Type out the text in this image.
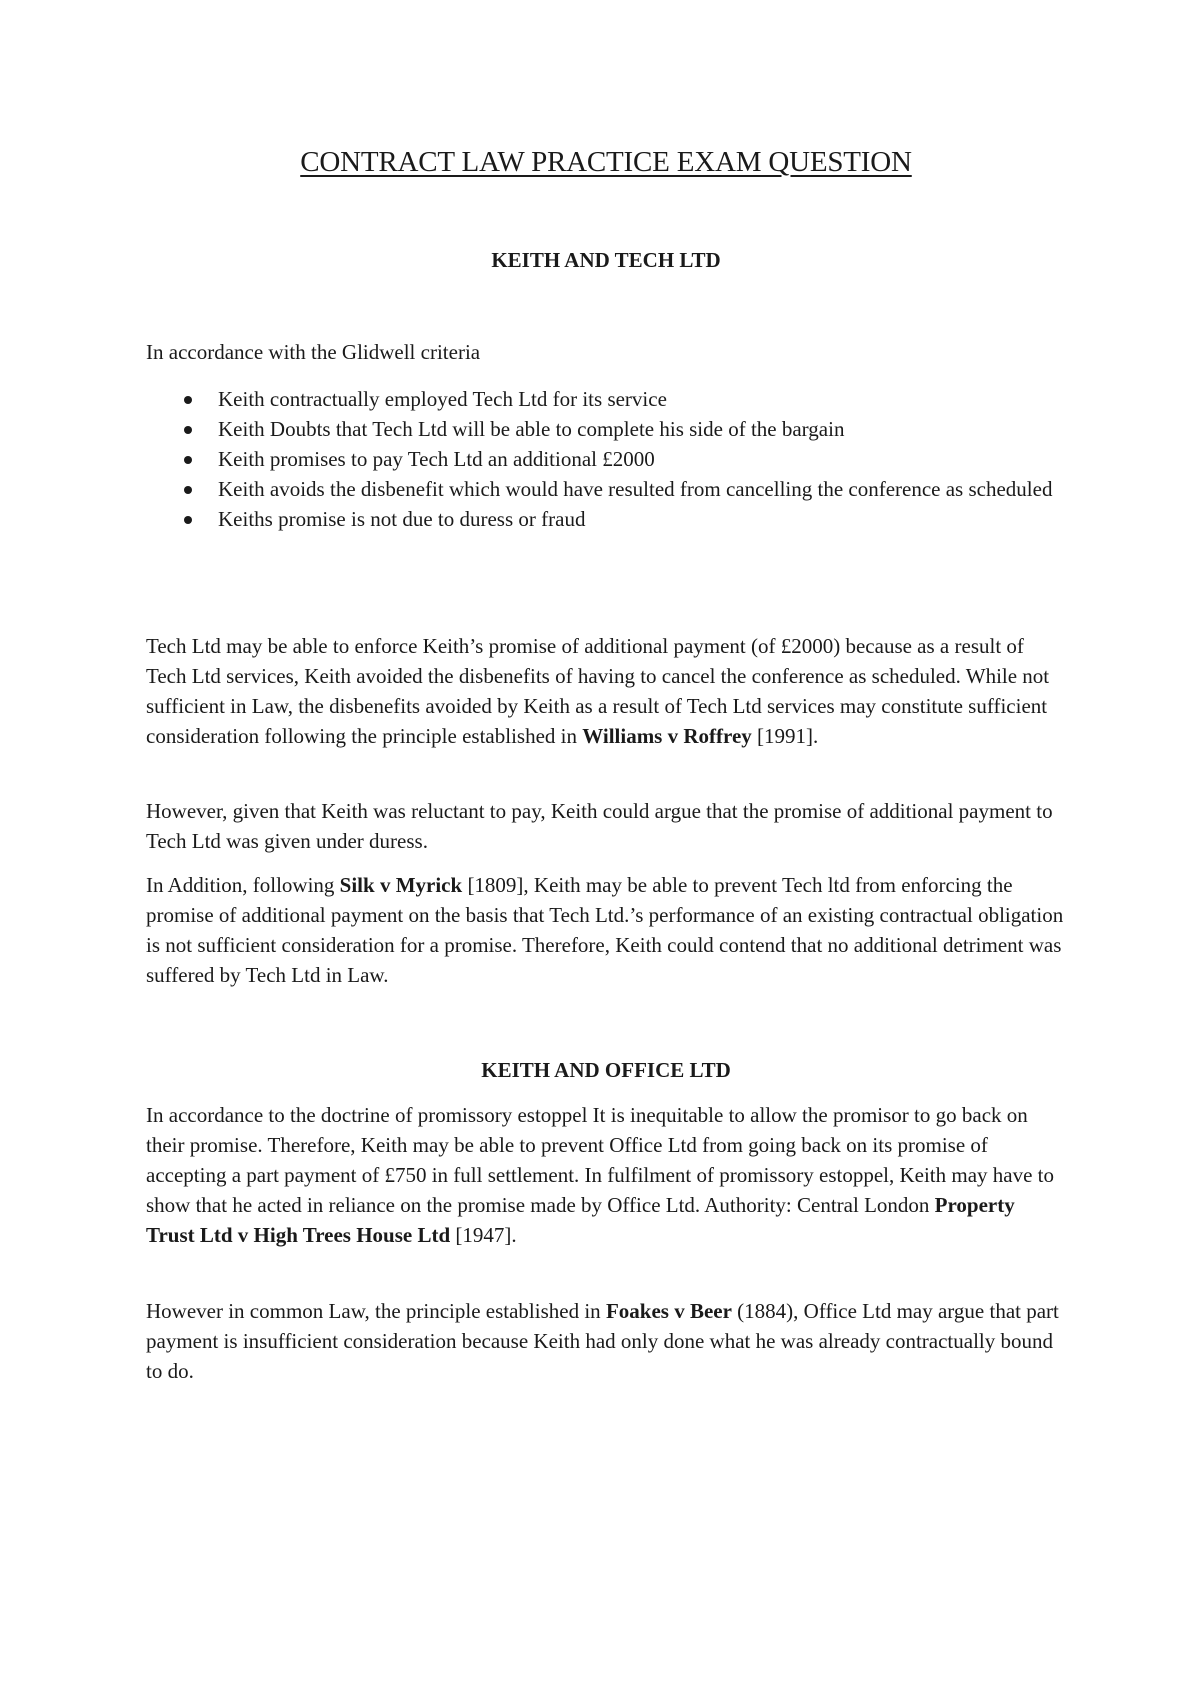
CONTRACT LAW PRACTICE EXAM QUESTION
KEITH AND TECH LTD

In accordance with the Glidwell criteria

Keith contractually employed Tech Ltd for its service
Keith Doubts that Tech Ltd will be able to complete his side of the bargain
Keith promises to pay Tech Ltd an additional £2000
Keith avoids the disbenefit which would have resulted from cancelling the conference as scheduled
Keiths promise is not due to duress or fraud

Tech Ltd may be able to enforce Keith’s promise of additional payment (of £2000) because as a result of Tech Ltd services, Keith avoided the disbenefits of having to cancel the conference as scheduled. While not sufficient in Law, the disbenefits avoided by Keith as a result of Tech Ltd services may constitute sufficient consideration following the principle established in Williams v Roffrey [1991].

However, given that Keith was reluctant to pay, Keith could argue that the promise of additional payment to Tech Ltd was given under duress.

In Addition, following Silk v Myrick [1809], Keith may be able to prevent Tech ltd from enforcing the promise of additional payment on the basis that Tech Ltd.’s performance of an existing contractual obligation is not sufficient consideration for a promise. Therefore, Keith could contend that no additional detriment was suffered by Tech Ltd in Law.

KEITH AND OFFICE LTD

In accordance to the doctrine of promissory estoppel It is inequitable to allow the promisor to go back on their promise. Therefore, Keith may be able to prevent Office Ltd from going back on its promise of accepting a part payment of £750 in full settlement. In fulfilment of promissory estoppel, Keith may have to show that he acted in reliance on the promise made by Office Ltd. Authority: Central London Property Trust Ltd v High Trees House Ltd [1947].

However in common Law, the principle established in Foakes v Beer (1884), Office Ltd may argue that part payment is insufficient consideration because Keith had only done what he was already contractually bound to do.
